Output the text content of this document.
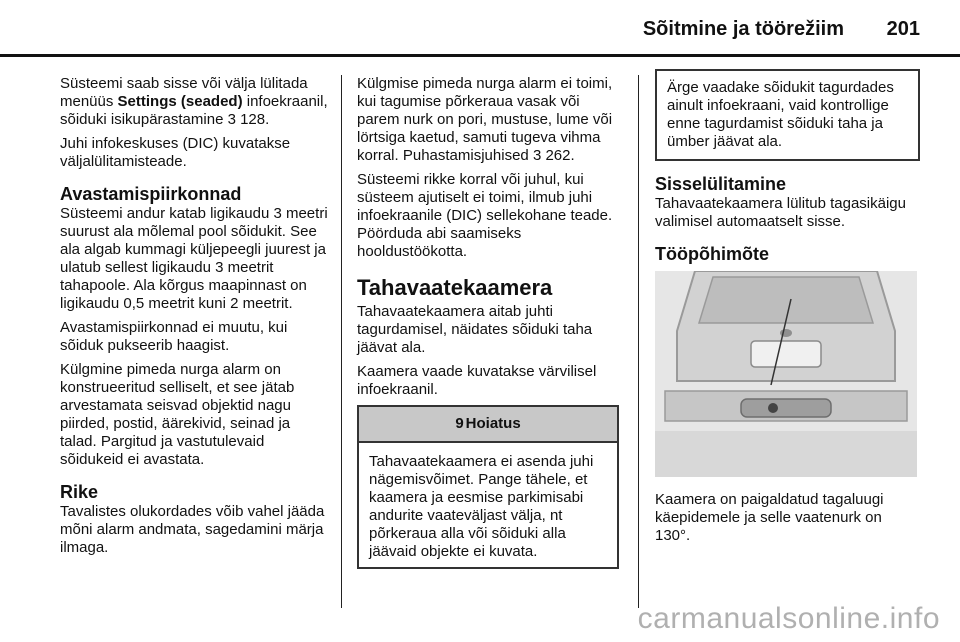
Sõitmine ja töörežiim 201

Süsteemi saab sisse või välja lülitada menüüs Settings (seaded) infoekraanil, sõiduki isikupärastamine 3 128.

Juhi infokeskuses (DIC) kuvatakse väljalülitamisteade.

Avastamispiirkonnad

Süsteemi andur katab ligikaudu 3 meetri suurust ala mõlemal pool sõidukit. See ala algab kummagi küljepeegli juurest ja ulatub sellest ligikaudu 3 meetrit tahapoole. Ala kõrgus maapinnast on ligikaudu 0,5 meetrit kuni 2 meetrit.

Avastamispiirkonnad ei muutu, kui sõiduk pukseerib haagist.

Külgmine pimeda nurga alarm on konstrueeritud selliselt, et see jätab arvestamata seisvad objektid nagu piirded, postid, äärekivid, seinad ja talad. Pargitud ja vastutulevaid sõidukeid ei avastata.

Rike

Tavalistes olukordades võib vahel jääda mõni alarm andmata, sagedamini märja ilmaga.

Külgmise pimeda nurga alarm ei toimi, kui tagumise põrkeraua vasak või parem nurk on pori, mustuse, lume või lörtsiga kaetud, samuti tugeva vihma korral. Puhastamisjuhised 3 262.

Süsteemi rikke korral või juhul, kui süsteem ajutiselt ei toimi, ilmub juhi infoekraanile (DIC) sellekohane teade. Pöörduda abi saamiseks hooldustöökotta.

Tahavaatekaamera

Tahavaatekaamera aitab juhti tagurdamisel, näidates sõiduki taha jäävat ala.

Kaamera vaade kuvatakse värvilisel infoekraanil.

9 Hoiatus
Tahavaatekaamera ei asenda juhi nägemisvõimet. Pange tähele, et kaamera ja eesmise parkimisabi andurite vaateväljast välja, nt põrkeraua alla või sõiduki alla jäävaid objekte ei kuvata.
Ärge vaadake sõidukit tagurdades ainult infoekraani, vaid kontrollige enne tagurdamist sõiduki taha ja ümber jäävat ala.
Sisselülitamine

Tahavaatekaamera lülitub tagasikäigu valimisel automaatselt sisse.

Tööpõhimõte

Kaamera on paigaldatud tagaluugi käepidemele ja selle vaatenurk on 130°.

carmanualsonline.info
